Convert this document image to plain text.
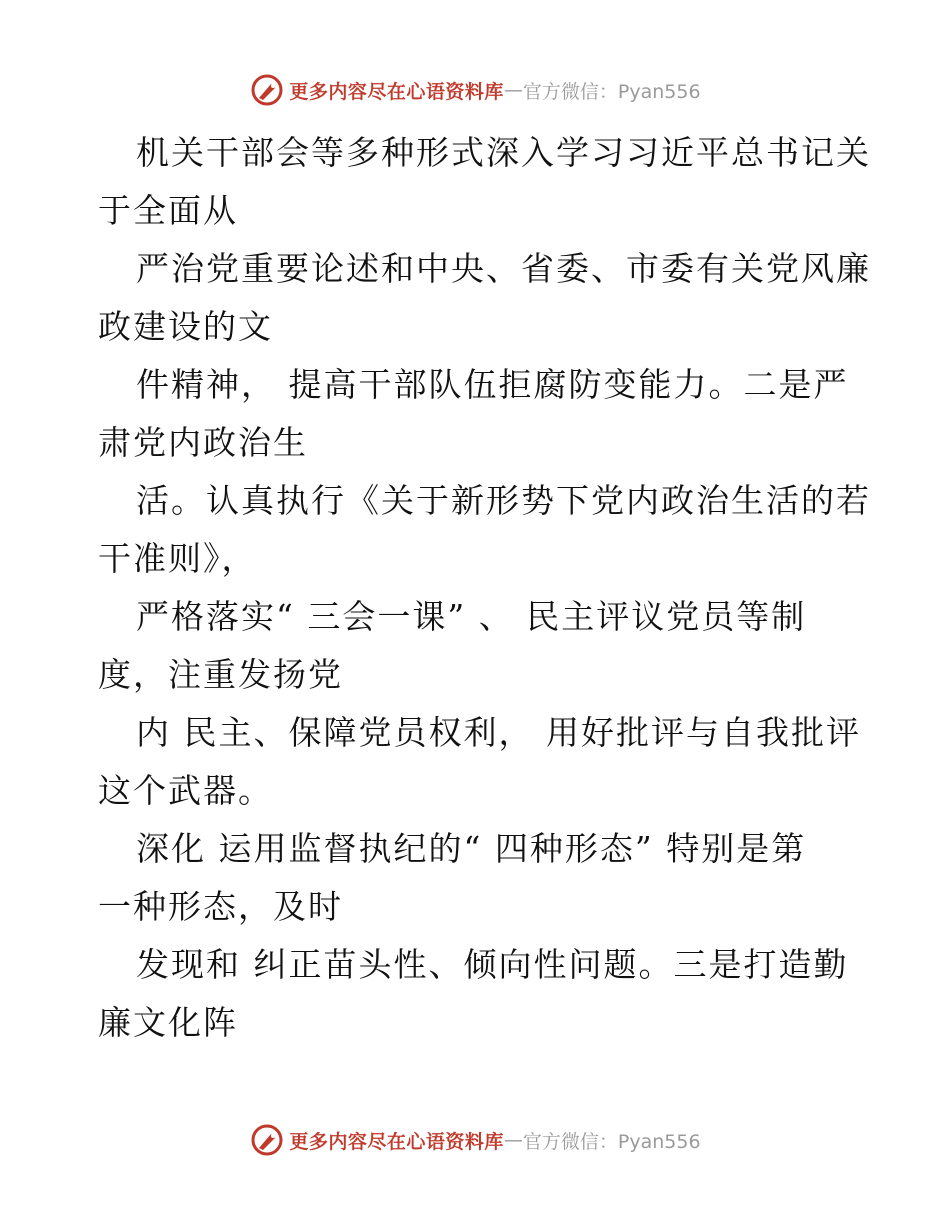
更多内容尽在心语资料库 — 官方微信：Pyan556

机关干部会等多种形式深入学习习近平总书记关
于全面从

严治党重要论述和中央、省委、市委有关党风廉
政建设的文

件精神， 提高干部队伍拒腐防变能力。二是严
肃党内政治生

活。认真执行《关于新形势下党内政治生活的若
干准则》，

严格落实“ 三会一课” 、 民主评议党员等制
度，注重发扬党

内 民主、保障党员权利， 用好批评与自我批评
这个武器。

深化 运用监督执纪的“ 四种形态” 特别是第
一种形态，及时

发现和 纠正苗头性、倾向性问题。三是打造勤
廉文化阵

更多内容尽在心语资料库 — 官方微信：Pyan556
